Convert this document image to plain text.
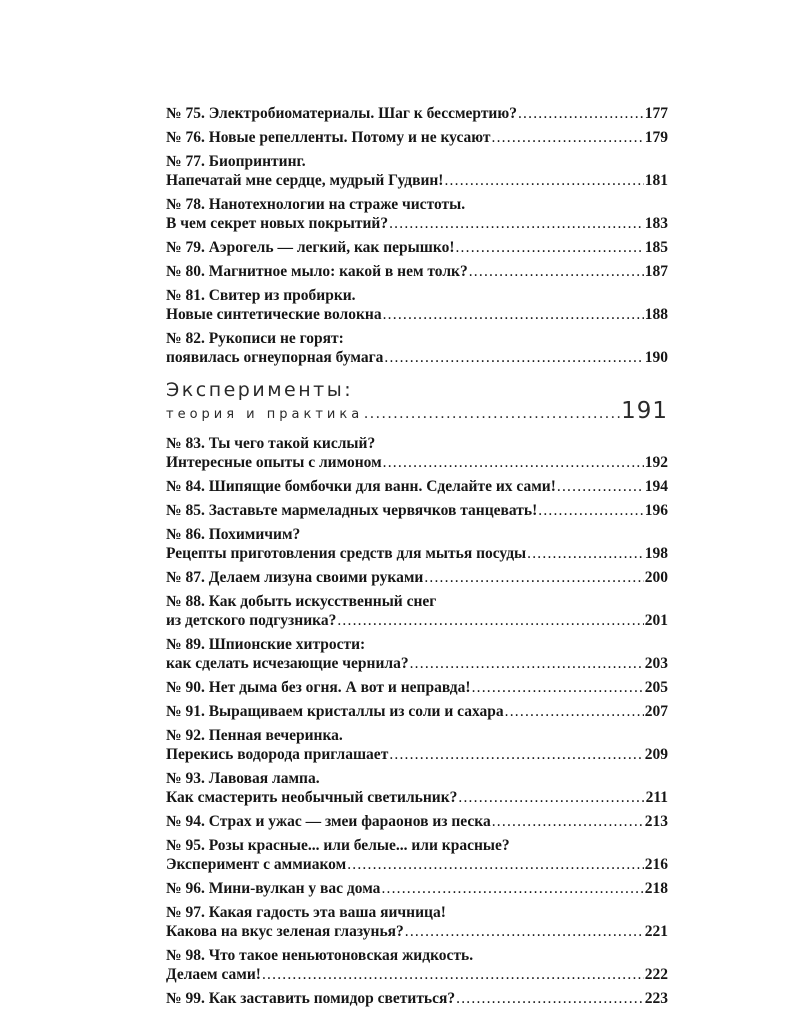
№ 75. Электробиоматериалы. Шаг к бессмертию? .....	177
№ 76. Новые репелленты. Потому и не кусают .....	179
№ 77. Биопринтинг.
Напечатай мне сердце, мудрый Гудвин! .....	181
№ 78. Нанотехнологии на страже чистоты.
В чем секрет новых покрытий? .....	183
№ 79. Аэрогель — легкий, как перышко! .....	185
№ 80. Магнитное мыло: какой в нем толк? .....	187
№ 81. Свитер из пробирки.
Новые синтетические волокна .....	188
№ 82. Рукописи не горят:
появилась огнеупорная бумага .....	190
Эксперименты:
теория и практика .....	191
№ 83. Ты чего такой кислый?
Интересные опыты с лимоном .....	192
№ 84. Шипящие бомбочки для ванн. Сделайте их сами! .....	194
№ 85. Заставьте мармеладных червячков танцевать! .....	196
№ 86. Похимичим?
Рецепты приготовления средств для мытья посуды .....	198
№ 87. Делаем лизуна своими руками .....	200
№ 88. Как добыть искусственный снег
из детского подгузника? .....	201
№ 89. Шпионские хитрости:
как сделать исчезающие чернила? .....	203
№ 90. Нет дыма без огня. А вот и неправда! .....	205
№ 91. Выращиваем кристаллы из соли и сахара .....	207
№ 92. Пенная вечеринка.
Перекись водорода приглашает .....	209
№ 93. Лавовая лампа.
Как смастерить необычный светильник? .....	211
№ 94. Страх и ужас — змеи фараонов из песка .....	213
№ 95. Розы красные... или белые... или красные?
Эксперимент с аммиаком .....	216
№ 96. Мини-вулкан у вас дома .....	218
№ 97. Какая гадость эта ваша яичница!
Какова на вкус зеленая глазунья? .....	221
№ 98. Что такое неньютоновская жидкость.
Делаем сами! .....	222
№ 99. Как заставить помидор светиться? .....	223
